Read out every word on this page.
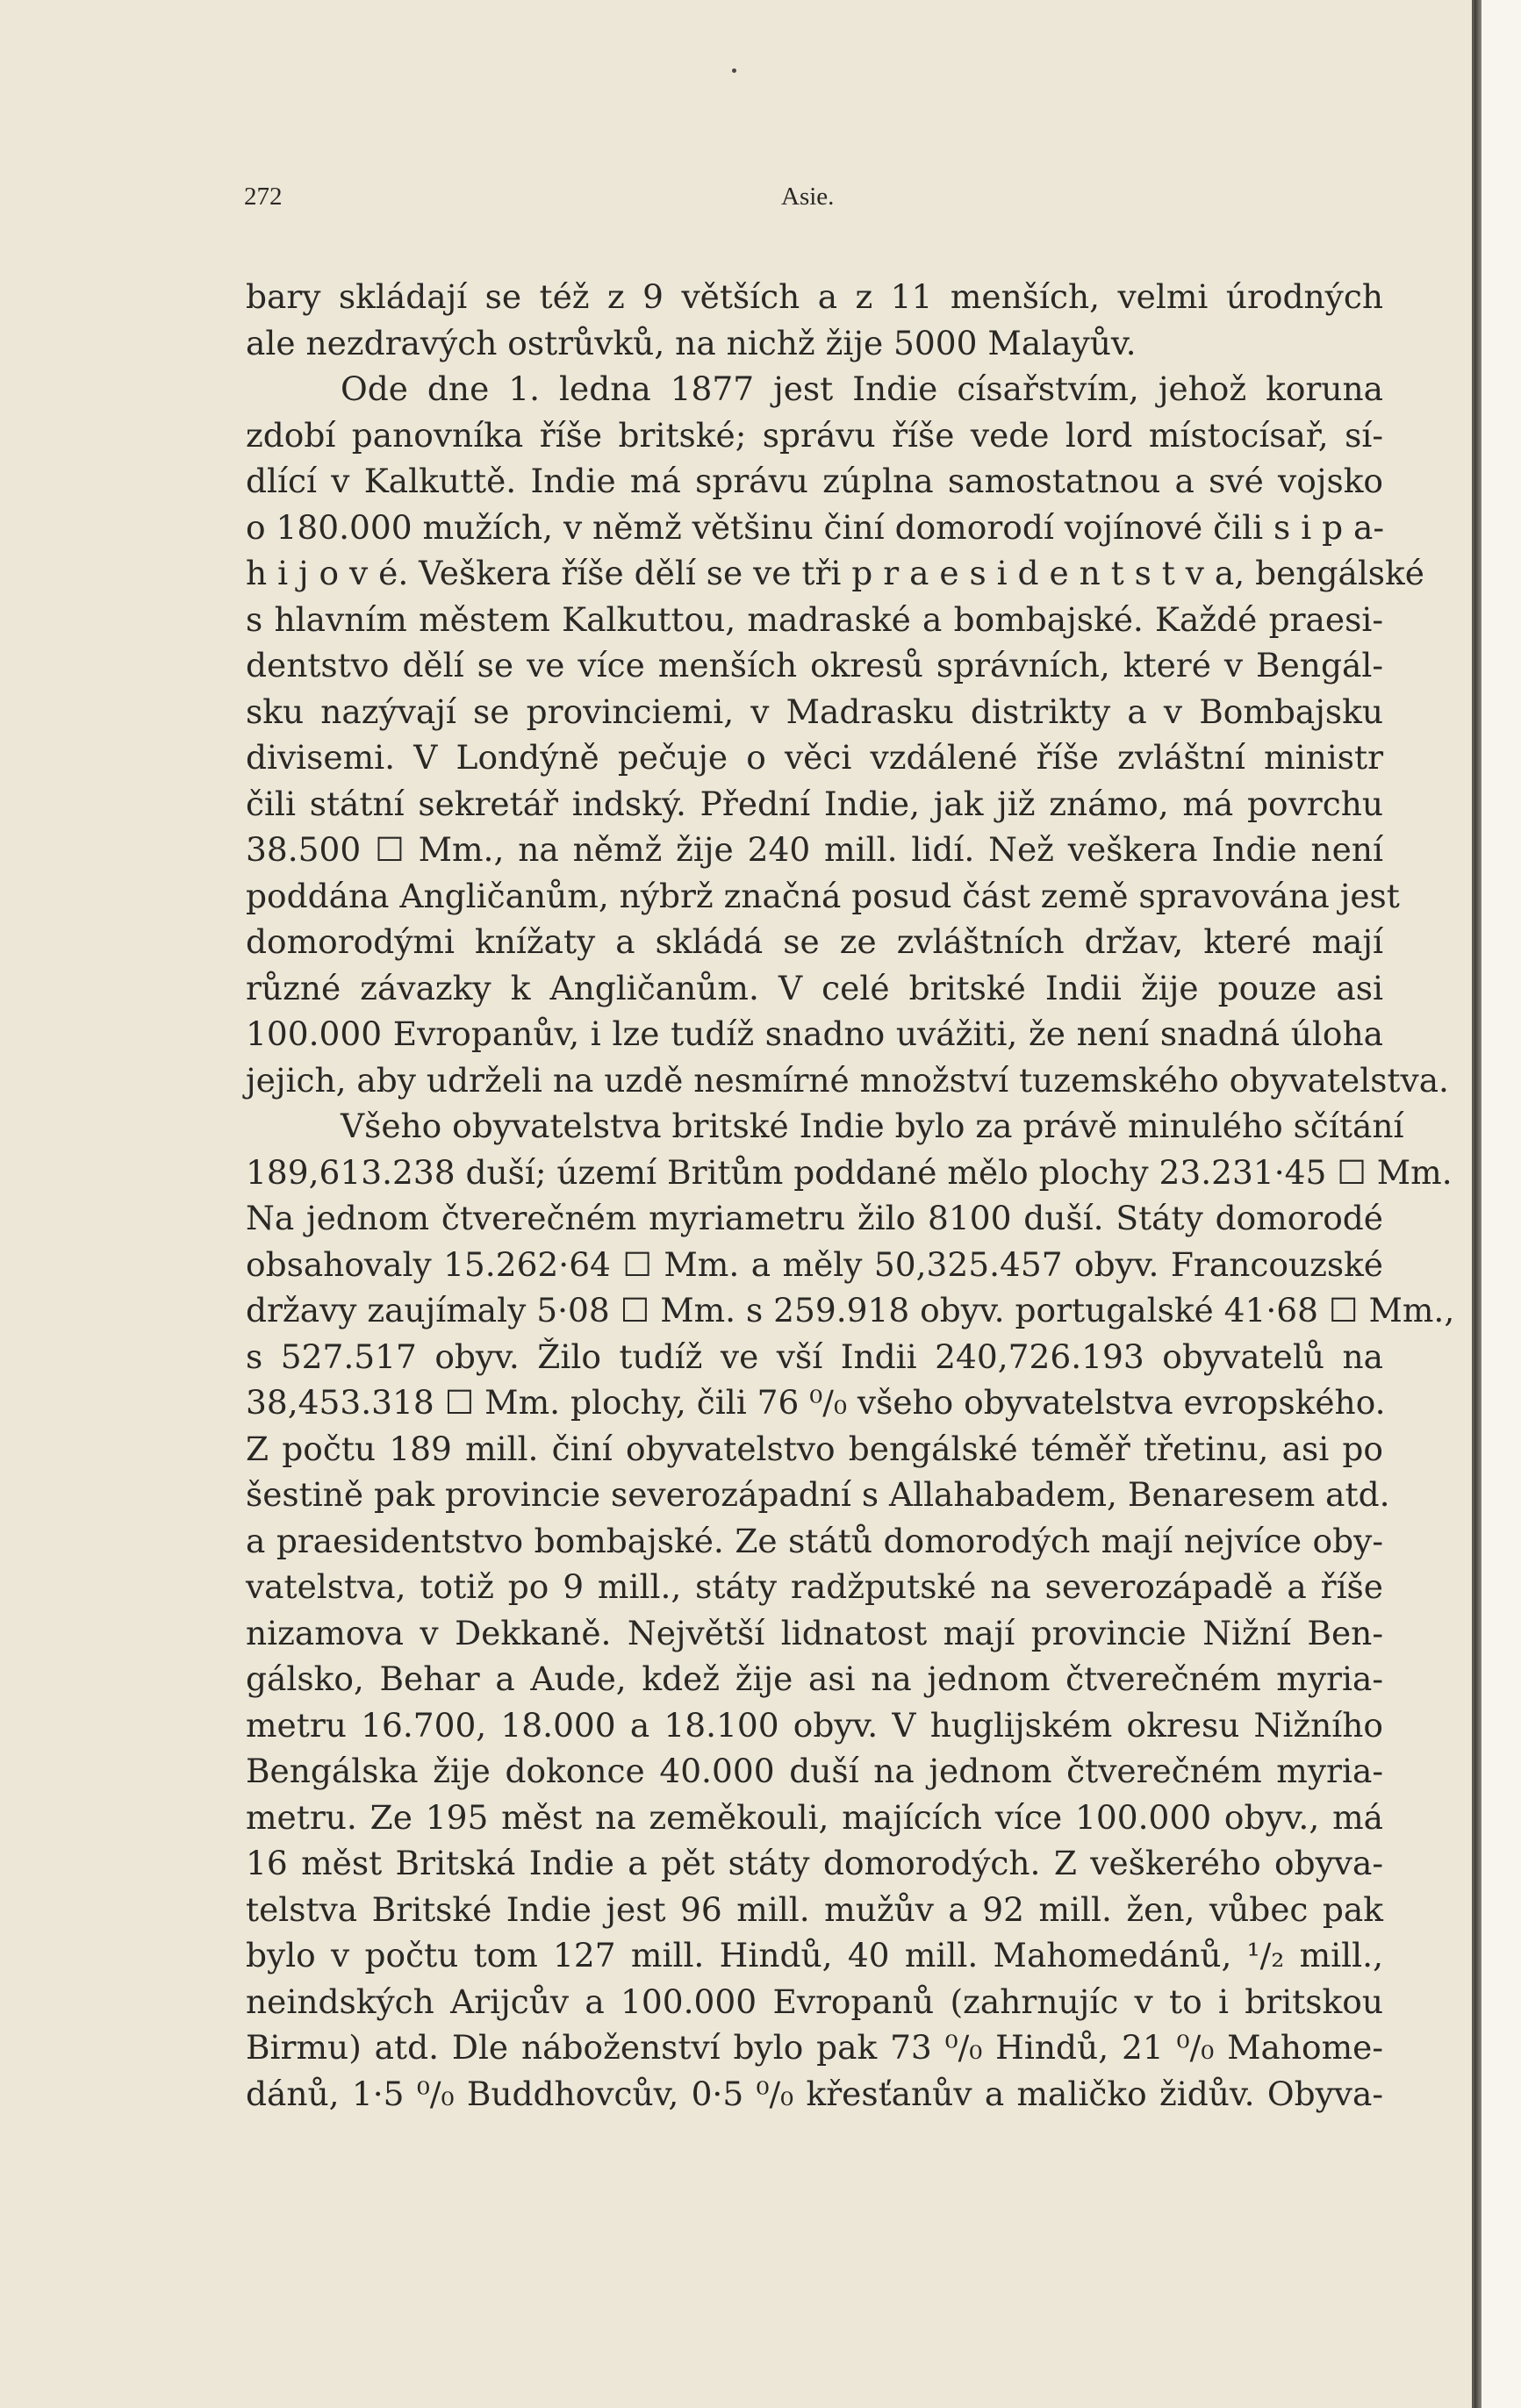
272	Asie.
bary skládají se též z 9 větších a z 11 menších, velmi úrodných
ale nezdravých ostrůvků, na nichž žije 5000 Malayův.
Ode dne 1. ledna 1877 jest Indie císařstvím, jehož koruna
zdobí panovníka říše britské; správu říše vede lord místocísař, sí-
dlící v Kalkuttě. Indie má správu zúplna samostatnou a své vojsko
o 180.000 mužích, v němž většinu činí domorodí vojínové čili s i p a-
h i j o v é. Veškera říše dělí se ve tři p r a e s i d e n t s t v a, bengálské
s hlavním městem Kalkuttou, madraské a bombajské. Každé praesi-
dentstvo dělí se ve více menších okresů správních, které v Bengál-
sku nazývají se provinciemi, v Madrasku distrikty a v Bombajsku
divisemi. V Londýně pečuje o věci vzdálené říše zvláštní ministr
čili státní sekretář indský. Přední Indie, jak již známo, má povrchu
38.500 ☐ Mm., na němž žije 240 mill. lidí. Než veškera Indie není
poddána Angličanům, nýbrž značná posud část země spravována jest
domorodými knížaty a skládá se ze zvláštních držav, které mají
různé závazky k Angličanům. V celé britské Indii žije pouze asi
100.000 Evropanův, i lze tudíž snadno uvážiti, že není snadná úloha
jejich, aby udrželi na uzdě nesmírné množství tuzemského obyvatelstva.
Všeho obyvatelstva britské Indie bylo za právě minulého sčítání
189,613.238 duší; území Britům poddané mělo plochy 23.231·45 ☐ Mm.
Na jednom čtverečném myriametru žilo 8100 duší. Státy domorodé
obsahovaly 15.262·64 ☐ Mm. a měly 50,325.457 obyv. Francouzské
državy zaujímaly 5·08 ☐ Mm. s 259.918 obyv. portugalské 41·68 ☐ Mm.,
s 527.517 obyv. Žilo tudíž ve vší Indii 240,726.193 obyvatelů na
38,453.318 ☐ Mm. plochy, čili 76 ⁰/₀ všeho obyvatelstva evropského.
Z počtu 189 mill. činí obyvatelstvo bengálské téměř třetinu, asi po
šestině pak provincie severozápadní s Allahabadem, Benaresem atd.
a praesidentstvo bombajské. Ze států domorodých mají nejvíce oby-
vatelstva, totiž po 9 mill., státy radžputské na severozápadě a říše
nizamova v Dekkaně. Největší lidnatost mají provincie Nižní Ben-
gálsko, Behar a Aude, kdež žije asi na jednom čtverečném myria-
metru 16.700, 18.000 a 18.100 obyv. V huglijském okresu Nižního
Bengálska žije dokonce 40.000 duší na jednom čtverečném myria-
metru. Ze 195 měst na zeměkouli, majících více 100.000 obyv., má
16 měst Britská Indie a pět státy domorodých. Z veškerého obyva-
telstva Britské Indie jest 96 mill. mužův a 92 mill. žen, vůbec pak
bylo v počtu tom 127 mill. Hindů, 40 mill. Mahomedánů, ¹/₂ mill.,
neindských Arijcův a 100.000 Evropanů (zahrnujíc v to i britskou
Birmu) atd. Dle náboženství bylo pak 73 ⁰/₀ Hindů, 21 ⁰/₀ Mahome-
dánů, 1·5 ⁰/₀ Buddhovcův, 0·5 ⁰/₀ křesťanův a maličko židův. Obyva-
